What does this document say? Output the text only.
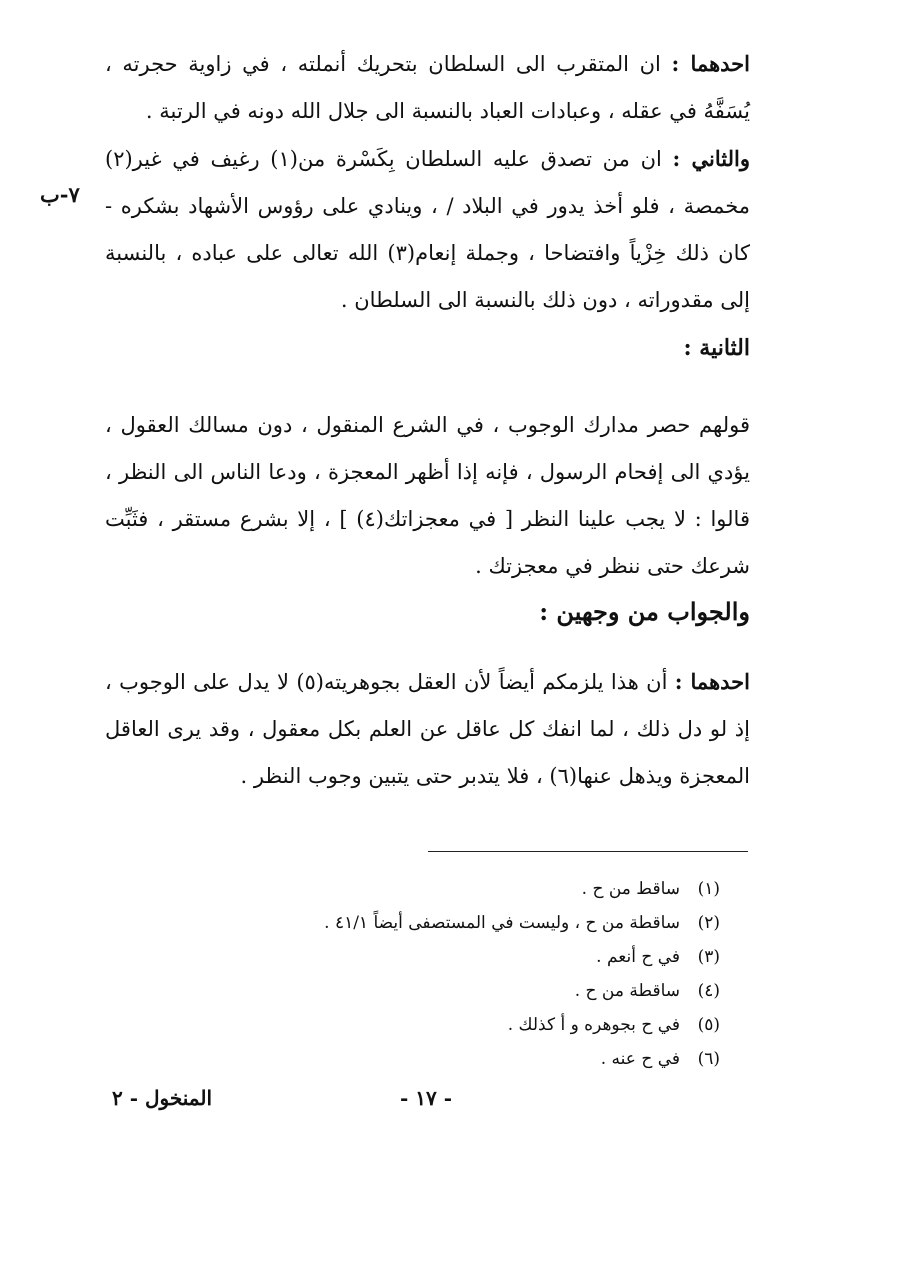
احدهما : ان المتقرب الى السلطان بتحريك أنملته ، في زاوية حجرته ، يُسَفَّهُ في عقله ، وعبادات العباد بالنسبة الى جلال الله دونه في الرتبة .

والثاني : ان من تصدق عليه السلطان بِكَسْرة من(١) رغيف في غير(٢) مخمصة ، فلو أخذ يدور في البلاد / ، وينادي على رؤوس الأشهاد بشكره - كان ذلك خِزْياً وافتضاحا ، وجملة إنعام(٣) الله تعالى على عباده ، بالنسبة إلى مقدوراته ، دون ذلك بالنسبة الى السلطان .

٧-ب
الثانية :

قولهم حصر مدارك الوجوب ، في الشرع المنقول ، دون مسالك العقول ، يؤدي الى إفحام الرسول ، فإنه إذا أظهر المعجزة ، ودعا الناس الى النظر ، قالوا : لا يجب علينا النظر [ في معجزاتك(٤) ] ، إلا بشرع مستقر ، فثَبِّت شرعك حتى ننظر في معجزتك .

والجواب من وجهين :

احدهما : أن هذا يلزمكم أيضاً لأن العقل بجوهريته(٥) لا يدل على الوجوب ، إذ لو دل ذلك ، لما انفك كل عاقل عن العلم بكل معقول ، وقد يرى العاقل المعجزة ويذهل عنها(٦) ، فلا يتدبر حتى يتبين وجوب النظر .

(١)ساقط من ح .
(٢)ساقطة من ح ، وليست في المستصفى أيضاً ٤١/١ .
(٣)في ح أنعم .
(٤)ساقطة من ح .
(٥)في ح بجوهره و أ كذلك .
(٦)في ح عنه .
- ١٧ -
المنخول - ٢
